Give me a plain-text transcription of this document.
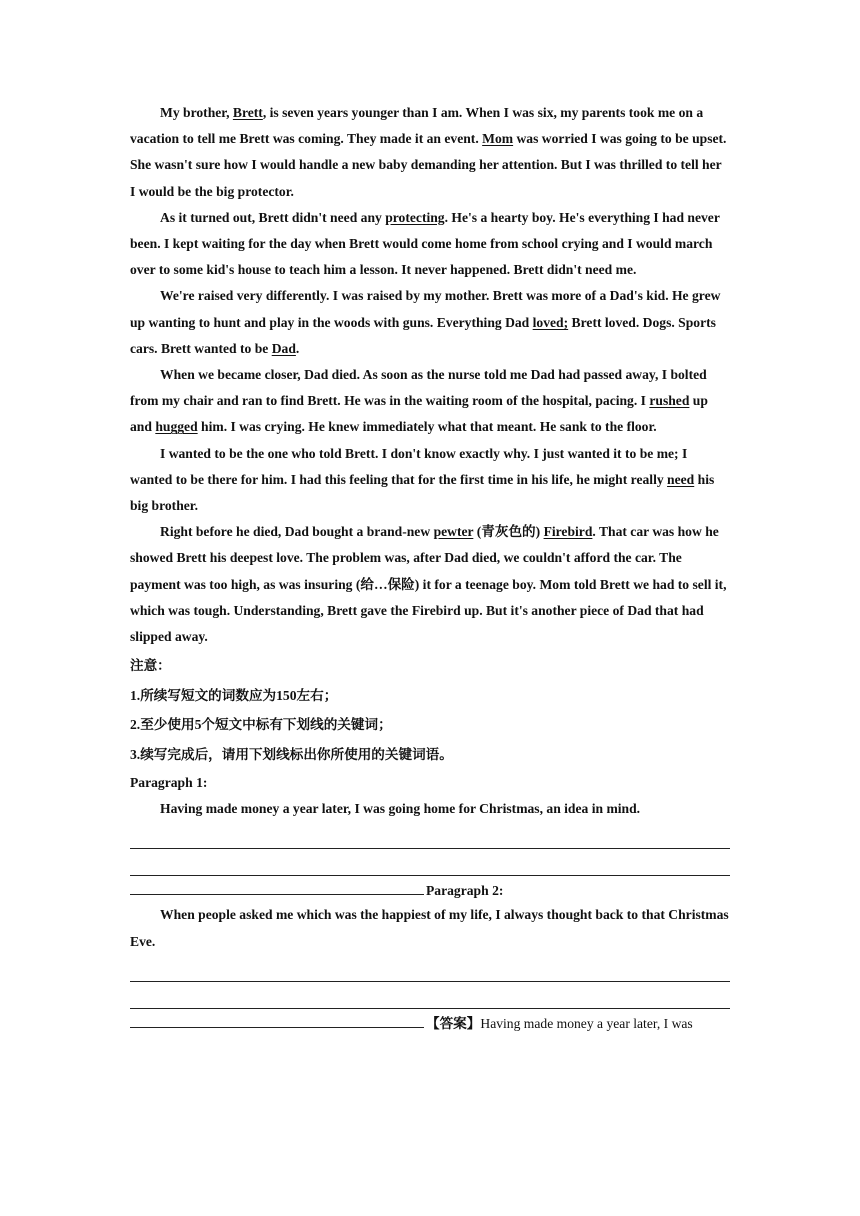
My brother, Brett, is seven years younger than I am. When I was six, my parents took me on a vacation to tell me Brett was coming. They made it an event. Mom was worried I was going to be upset. She wasn't sure how I would handle a new baby demanding her attention. But I was thrilled to tell her I would be the big protector.

As it turned out, Brett didn't need any protecting. He's a hearty boy. He's everything I had never been. I kept waiting for the day when Brett would come home from school crying and I would march over to some kid's house to teach him a lesson. It never happened. Brett didn't need me.

We're raised very differently. I was raised by my mother. Brett was more of a Dad's kid. He grew up wanting to hunt and play in the woods with guns. Everything Dad loved; Brett loved. Dogs. Sports cars. Brett wanted to be Dad.

When we became closer, Dad died. As soon as the nurse told me Dad had passed away, I bolted from my chair and ran to find Brett. He was in the waiting room of the hospital, pacing. I rushed up and hugged him. I was crying. He knew immediately what that meant. He sank to the floor.

I wanted to be the one who told Brett. I don't know exactly why. I just wanted it to be me; I wanted to be there for him. I had this feeling that for the first time in his life, he might really need his big brother.

Right before he died, Dad bought a brand-new pewter (青灰色的) Firebird. That car was how he showed Brett his deepest love. The problem was, after Dad died, we couldn't afford the car. The payment was too high, as was insuring (给…保险) it for a teenage boy. Mom told Brett we had to sell it, which was tough. Understanding, Brett gave the Firebird up. But it's another piece of Dad that had slipped away.

注意：

1.所续写短文的词数应为150左右；

2.至少使用5个短文中标有下划线的关键词；

3.续写完成后，请用下划线标出你所使用的关键词语。

Paragraph 1:

Having made money a year later, I was going home for Christmas, an idea in mind.

Paragraph 2:

When people asked me which was the happiest of my life, I always thought back to that Christmas Eve.

【答案】Having made money a year later, I was
